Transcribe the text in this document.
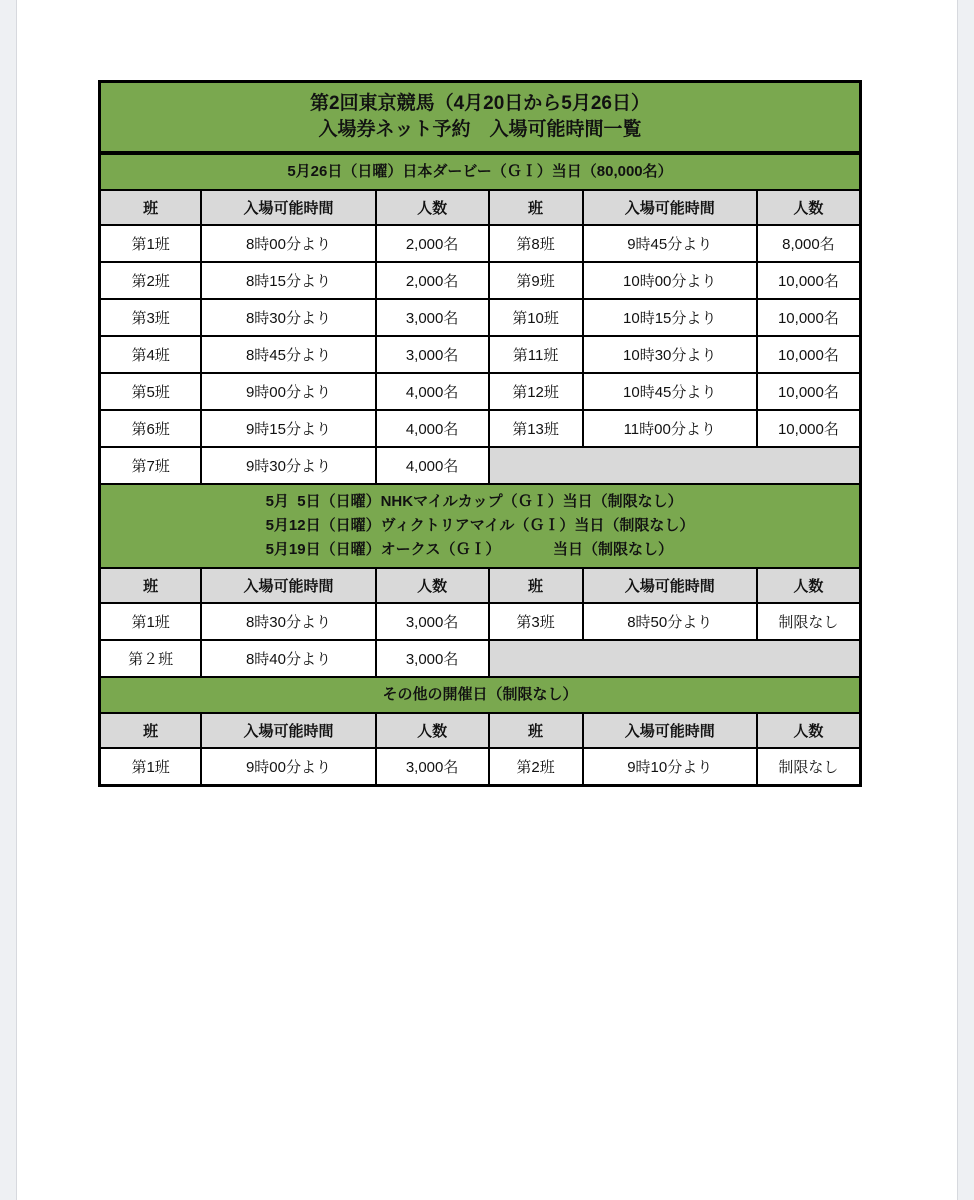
第2回東京競馬（4月20日から5月26日）
入場券ネット予約　入場可能時間一覧
5月26日（日曜）日本ダービー（ＧＩ）当日（80,000名）
班	入場可能時間	人数	班	入場可能時間	人数
第1班	8時00分より	2,000名	第8班	9時45分より	8,000名
第2班	8時15分より	2,000名	第9班	10時00分より	10,000名
第3班	8時30分より	3,000名	第10班	10時15分より	10,000名
第4班	8時45分より	3,000名	第11班	10時30分より	10,000名
第5班	9時00分より	4,000名	第12班	10時45分より	10,000名
第6班	9時15分より	4,000名	第13班	11時00分より	10,000名
第7班	9時30分より	4,000名
5月  5日（日曜）NHKマイルカップ（ＧＩ）当日（制限なし）
5月12日（日曜）ヴィクトリアマイル（ＧＩ）当日（制限なし）
5月19日（日曜）オークス（ＧＩ）　　　　当日（制限なし）
班	入場可能時間	人数	班	入場可能時間	人数
第1班	8時30分より	3,000名	第3班	8時50分より	制限なし
第２班	8時40分より	3,000名
その他の開催日（制限なし）
班	入場可能時間	人数	班	入場可能時間	人数
第1班	9時00分より	3,000名	第2班	9時10分より	制限なし
